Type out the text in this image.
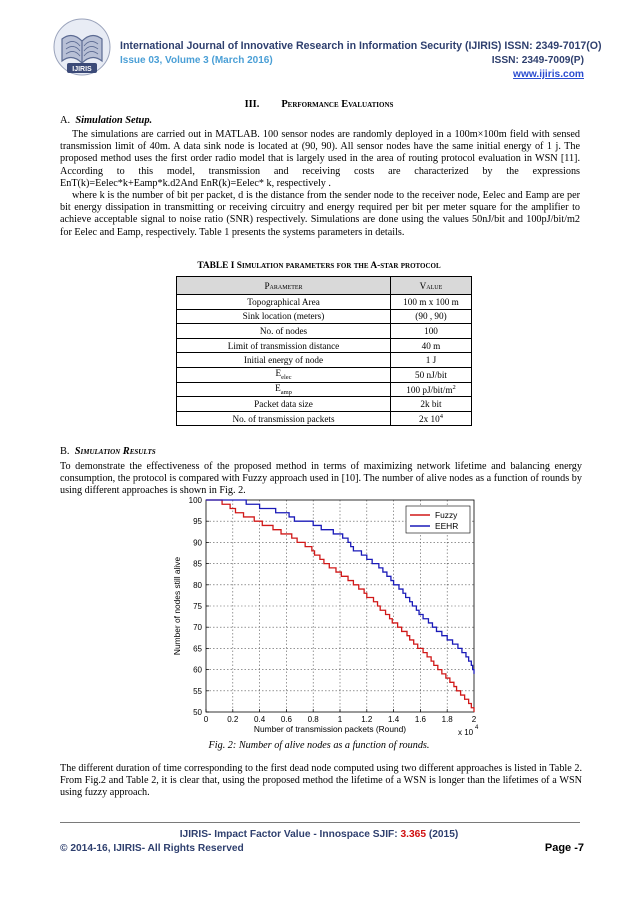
IJIRIS
International Journal of Innovative Research in Information Security (IJIRIS) ISSN: 2349-7017(O)
Issue 03, Volume 3 (March 2016)	ISSN: 2349-7009(P)
www.ijiris.com
III. Performance Evaluations
A. Simulation Setup.
The simulations are carried out in MATLAB. 100 sensor nodes are randomly deployed in a 100m×100m field with sensed transmission limit of 40m. A data sink node is located at (90, 90). All sensor nodes have the same initial energy of 1 j. The proposed method uses the first order radio model that is largely used in the area of routing protocol evaluation in WSN [11]. According to this model, transmission and receiving costs are characterized by the expressions EnT(k)=Eelec*k+Eamp*k.d2And EnR(k)=Eelec* k, respectively .
where k is the number of bit per packet, d is the distance from the sender node to the receiver node, Eelec and Eamp are per bit energy dissipation in transmitting or receiving circuitry and energy required per bit per meter square for the amplifier to achieve acceptable signal to noise ratio (SNR) respectively. Simulations are done using the values 50nJ/bit and 100pJ/bit/m2 for Eelec and Eamp, respectively. Table 1 presents the systems parameters in details.
TABLE I Simulation parameters for the A-star protocol
Parameter	Value
Topographical Area	100 m x 100 m
Sink location (meters)	(90 , 90)
No. of nodes	100
Limit of transmission distance	40 m
Initial energy of node	1 J
$E_{elec}$	50 nJ/bit
$E_{amp}$	100 $pJ/bit/m^2$
Packet data size	2k bit
No. of transmission packets	2x $10^4$
B. Simulation Results
To demonstrate the effectiveness of the proposed method in terms of maximizing network lifetime and balancing energy consumption, the protocol is compared with Fuzzy approach used in [10]. The number of alive nodes as a function of rounds by using different approaches is shown in Fig. 2.
0 0.2 0.4 0.6 0.8 1 1.2 1.4 1.6 1.8 2
50
55
60
65
70
75
80
85
90
95
100
Number of transmission packets (Round)
Number of nodes still alive
x 10 4
Fuzzy
EEHR
Fig. 2: Number of alive nodes as a function of rounds.
The different duration of time corresponding to the first dead node computed using two different approaches is listed in Table 2. From Fig.2 and Table 2, it is clear that, using the proposed method the lifetime of a WSN is longer than the lifetimes of a WSN using fuzzy approach.
IJIRIS- Impact Factor Value - Innospace SJIF: 3.365 (2015)
© 2014-16, IJIRIS- All Rights Reserved	Page -7
